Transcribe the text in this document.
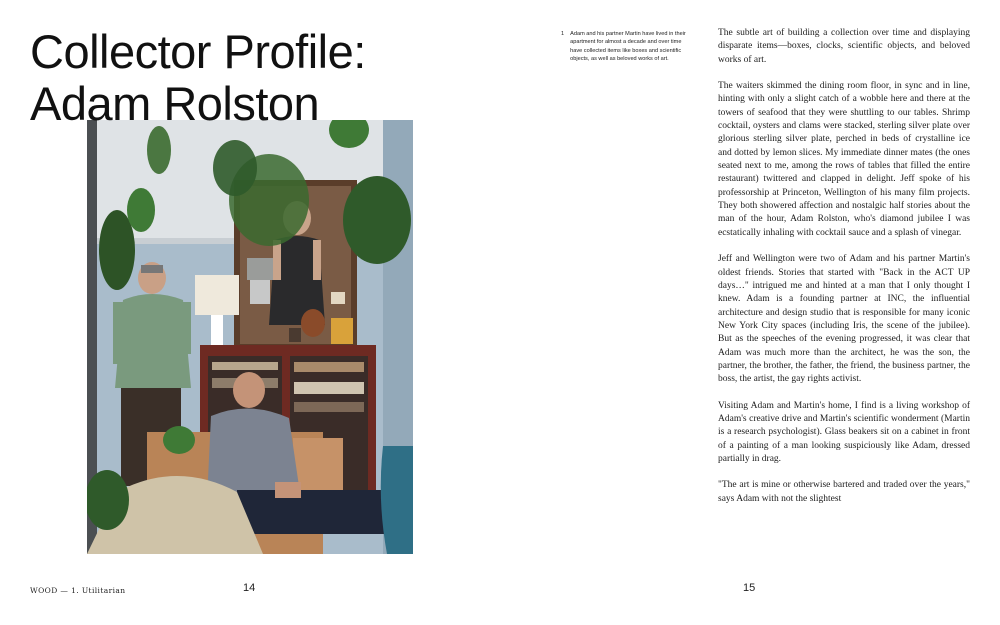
Collector Profile:
Adam Rolston
WOOD — 1. Utilitarian	14
1 Adam and his partner Martin have lived in their apartment for almost a decade and over time have collected items like boxes and scientific objects, as well as beloved works of art.

The subtle art of building a collection over time and displaying disparate items—boxes, clocks, scientific objects, and beloved works of art.

The waiters skimmed the dining room floor, in sync and in line, hinting with only a slight catch of a wobble here and there at the towers of seafood that they were shuttling to our tables. Shrimp cocktail, oysters and clams were stacked, sterling silver plate over glorious sterling silver plate, perched in beds of crystalline ice and dotted by lemon slices. My immediate dinner mates (the ones seated next to me, among the rows of tables that filled the entire restaurant) twittered and clapped in delight. Jeff spoke of his professorship at Princeton, Wellington of his many film projects. They both showered affection and nostalgic half stories about the man of the hour, Adam Rolston, who's diamond jubilee I was ecstatically inhaling with cocktail sauce and a splash of vinegar.

Jeff and Wellington were two of Adam and his partner Martin's oldest friends. Stories that started with "Back in the ACT UP days…" intrigued me and hinted at a man that I only thought I knew. Adam is a founding partner at INC, the influential architecture and design studio that is responsible for many iconic New York City spaces (including Iris, the scene of the jubilee). But as the speeches of the evening progressed, it was clear that Adam was much more than the architect, he was the son, the partner, the brother, the father, the friend, the business partner, the boss, the artist, the gay rights activist.

Visiting Adam and Martin's home, I find is a living workshop of Adam's creative drive and Martin's scientific wonderment (Martin is a research psychologist). Glass beakers sit on a cabinet in front of a painting of a man looking suspiciously like Adam, dressed partially in drag.

"The art is mine or otherwise bartered and traded over the years," says Adam with not the slightest

15
